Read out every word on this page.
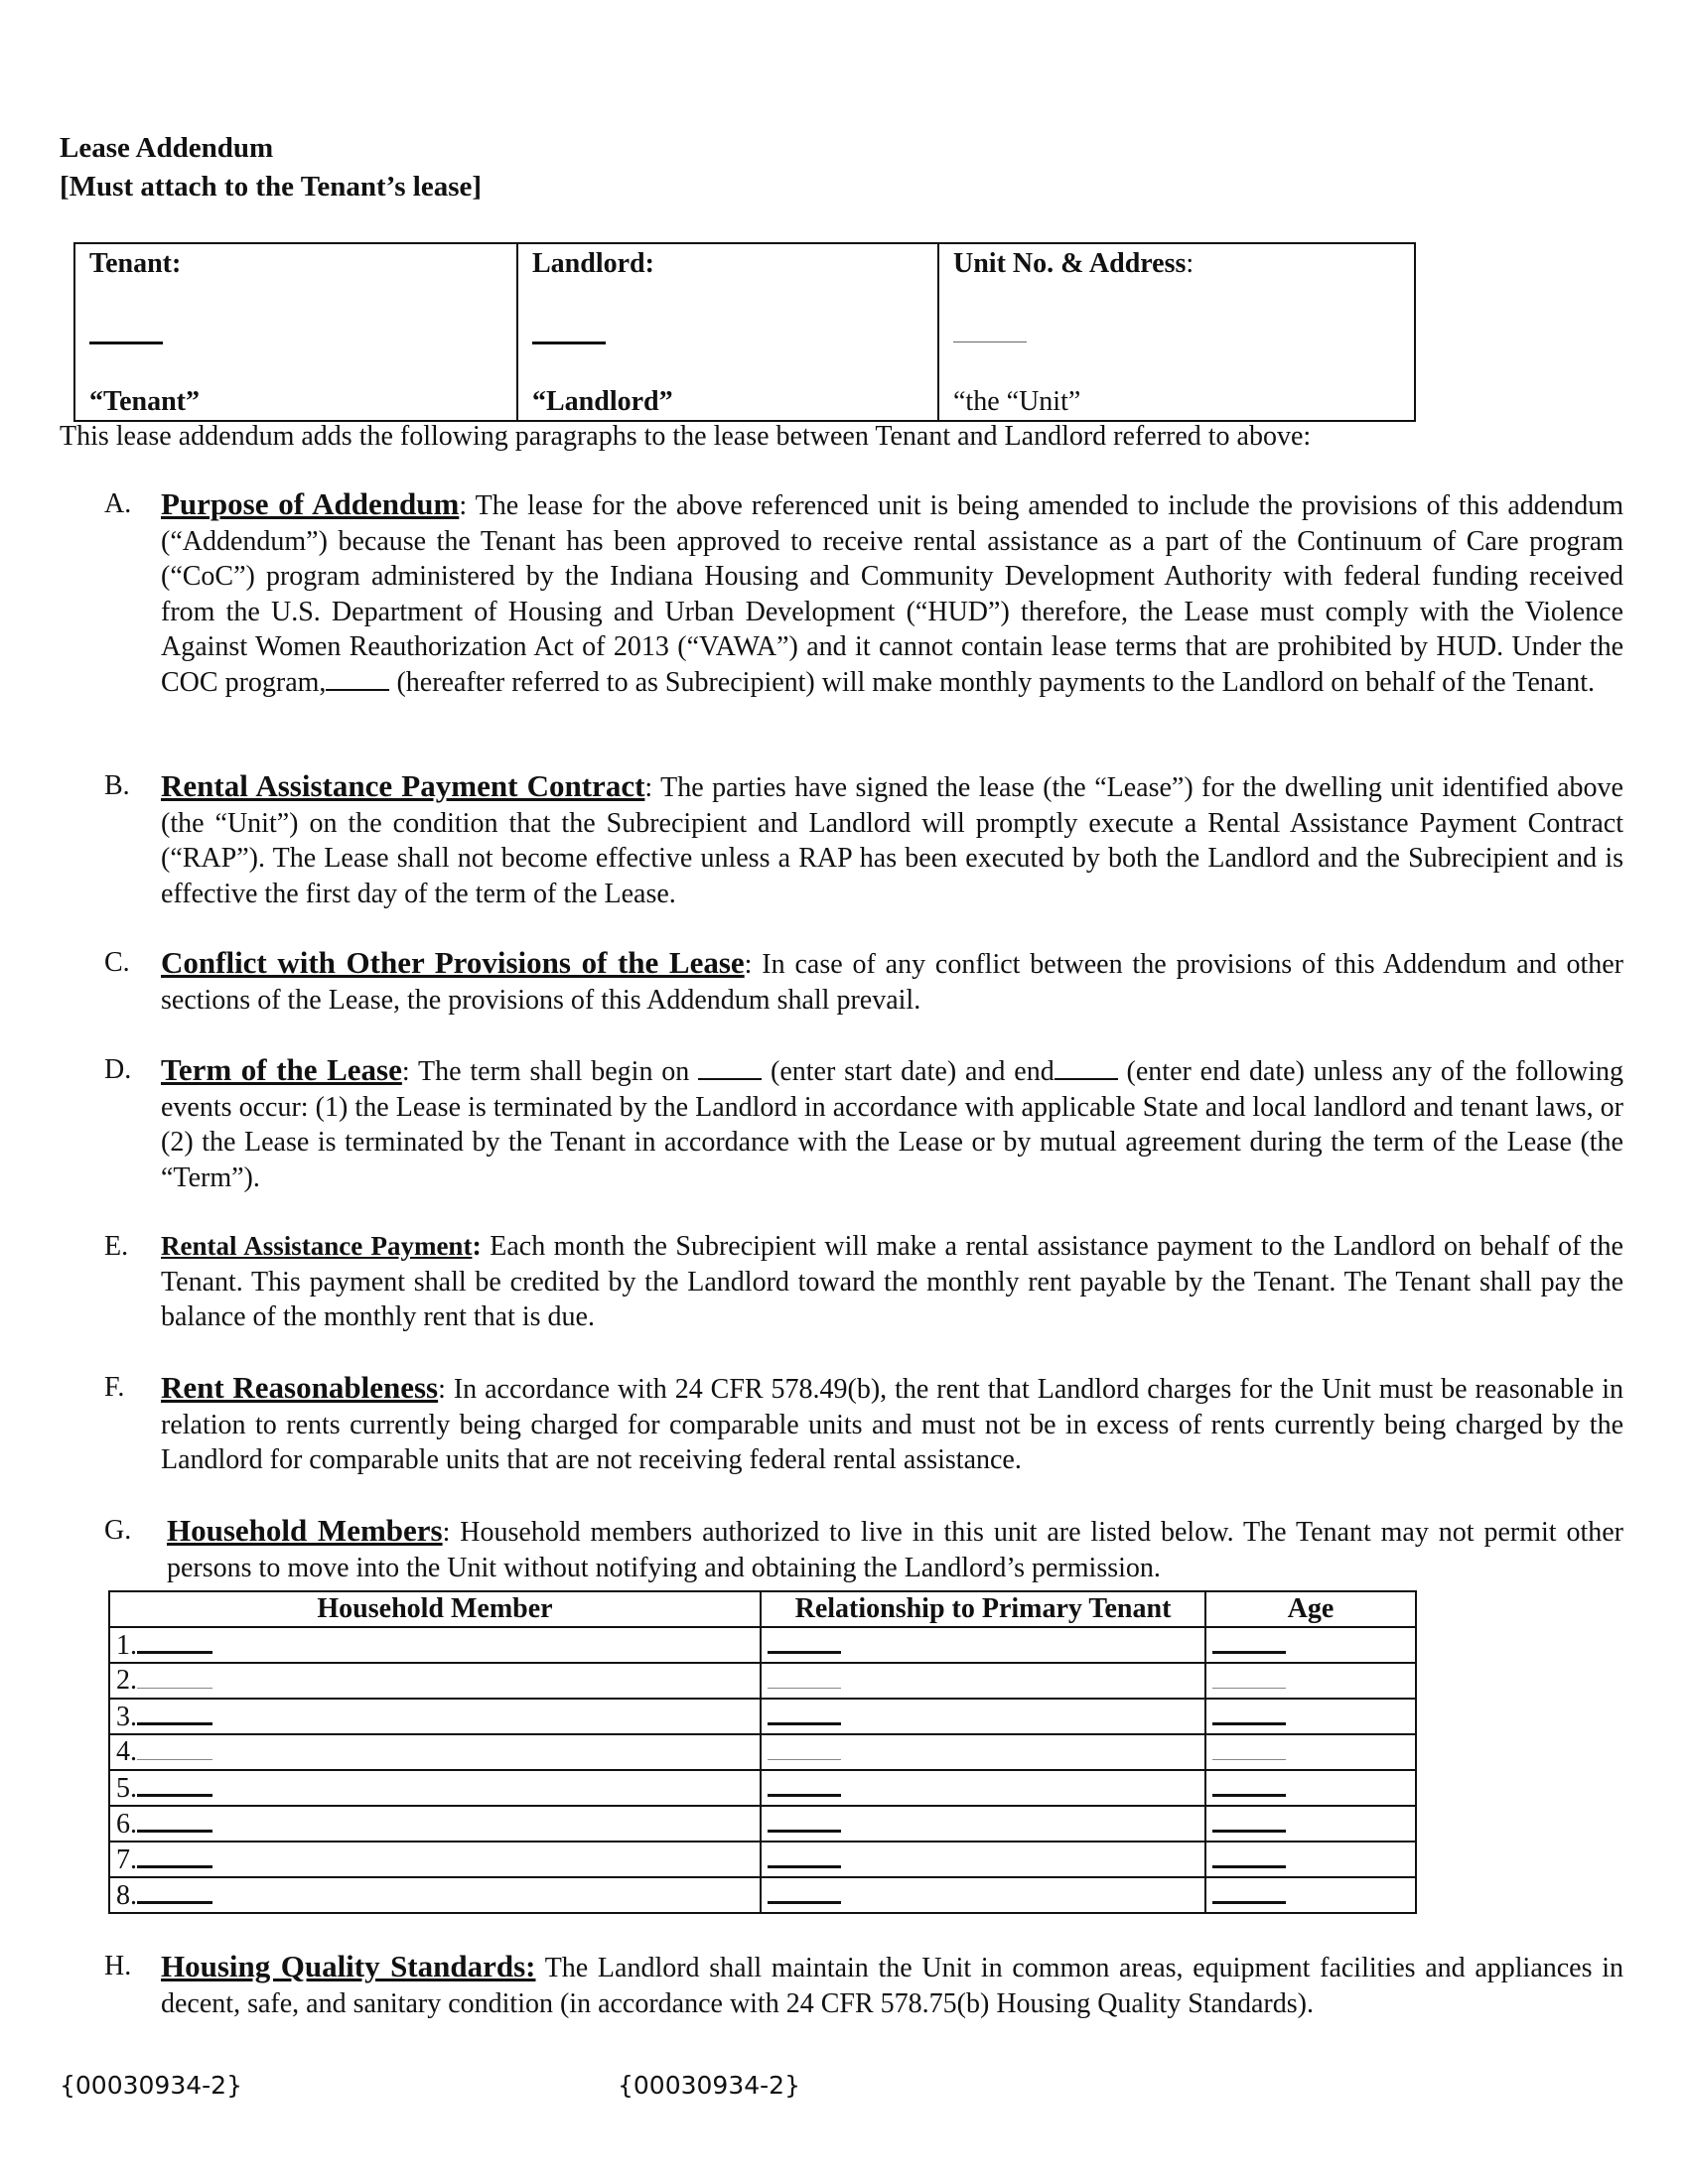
Lease Addendum
[Must attach to the Tenant’s lease]
Tenant:
“Tenant”

Landlord:
“Landlord”

Unit No. & Address:
“the “Unit”
This lease addendum adds the following paragraphs to the lease between Tenant and Landlord referred to above:
A. Purpose of Addendum: The lease for the above referenced unit is being amended to include the provisions of this addendum (“Addendum”) because the Tenant has been approved to receive rental assistance as a part of the Continuum of Care program (“CoC”) program administered by the Indiana Housing and Community Development Authority with federal funding received from the U.S. Department of Housing and Urban Development (“HUD”) therefore, the Lease must comply with the Violence Against Women Reauthorization Act of 2013 (“VAWA”) and it cannot contain lease terms that are prohibited by HUD. Under the COC program, (hereafter referred to as Subrecipient) will make monthly payments to the Landlord on behalf of the Tenant.
B. Rental Assistance Payment Contract: The parties have signed the lease (the “Lease”) for the dwelling unit identified above (the “Unit”) on the condition that the Subrecipient and Landlord will promptly execute a Rental Assistance Payment Contract (“RAP”). The Lease shall not become effective unless a RAP has been executed by both the Landlord and the Subrecipient and is effective the first day of the term of the Lease.
C. Conflict with Other Provisions of the Lease: In case of any conflict between the provisions of this Addendum and other sections of the Lease, the provisions of this Addendum shall prevail.
D. Term of the Lease: The term shall begin on  (enter start date) and end (enter end date) unless any of the following events occur: (1) the Lease is terminated by the Landlord in accordance with applicable State and local landlord and tenant laws, or (2) the Lease is terminated by the Tenant in accordance with the Lease or by mutual agreement during the term of the Lease (the “Term”).
E. Rental Assistance Payment: Each month the Subrecipient will make a rental assistance payment to the Landlord on behalf of the Tenant. This payment shall be credited by the Landlord toward the monthly rent payable by the Tenant. The Tenant shall pay the balance of the monthly rent that is due.
F. Rent Reasonableness: In accordance with 24 CFR 578.49(b), the rent that Landlord charges for the Unit must be reasonable in relation to rents currently being charged for comparable units and must not be in excess of rents currently being charged by the Landlord for comparable units that are not receiving federal rental assistance.
G. Household Members: Household members authorized to live in this unit are listed below. The Tenant may not permit other persons to move into the Unit without notifying and obtaining the Landlord’s permission.
Household Member	Relationship to Primary Tenant	Age
1.		
2.		
3.		
4.		
5.		
6.		
7.		
8.		
H. Housing Quality Standards: The Landlord shall maintain the Unit in common areas, equipment facilities and appliances in decent, safe, and sanitary condition (in accordance with 24 CFR 578.75(b) Housing Quality Standards).
{00030934-2}	{00030934-2}
